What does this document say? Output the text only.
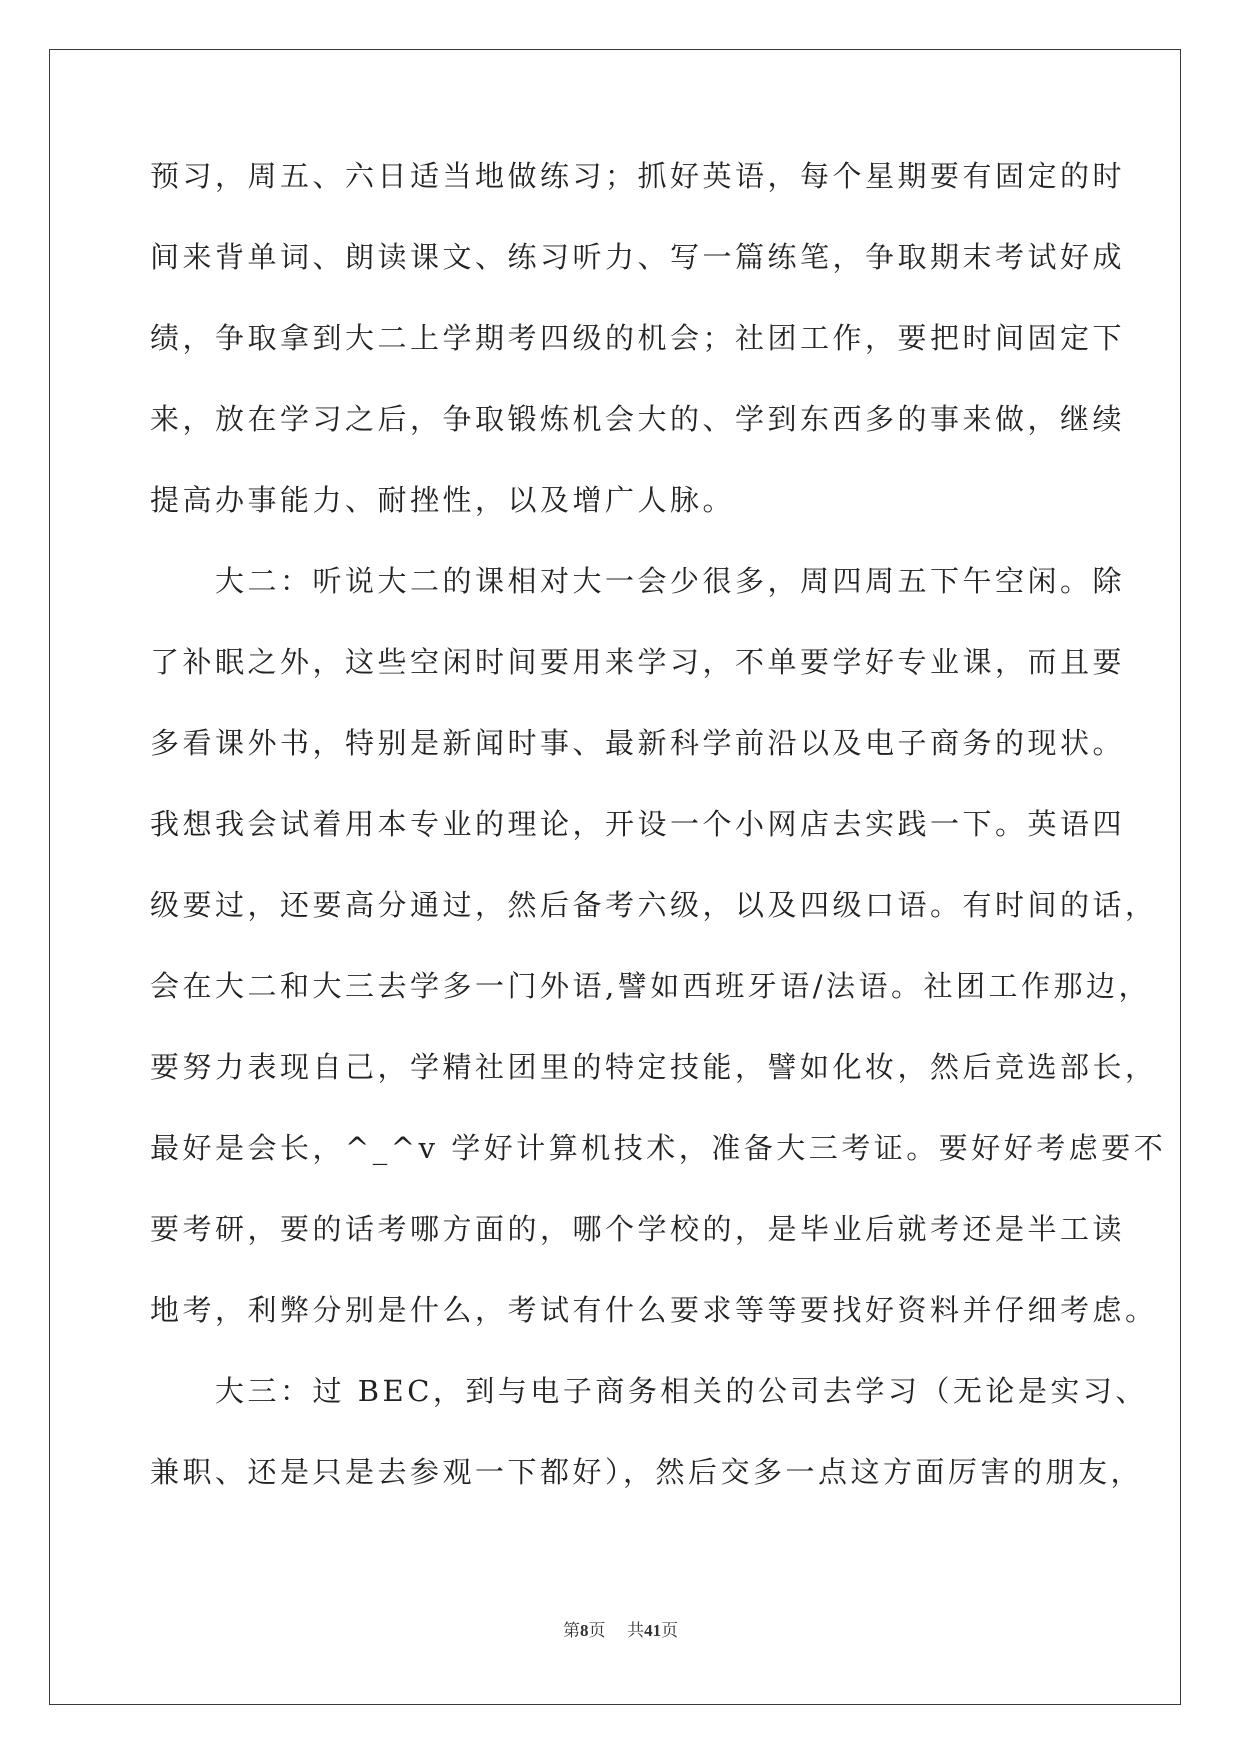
预习，周五、六日适当地做练习；抓好英语，每个星期要有固定的时
间来背单词、朗读课文、练习听力、写一篇练笔，争取期末考试好成
绩，争取拿到大二上学期考四级的机会；社团工作，要把时间固定下
来，放在学习之后，争取锻炼机会大的、学到东西多的事来做，继续
提高办事能力、耐挫性，以及增广人脉。
　　大二：听说大二的课相对大一会少很多，周四周五下午空闲。除
了补眠之外，这些空闲时间要用来学习，不单要学好专业课，而且要
多看课外书，特别是新闻时事、最新科学前沿以及电子商务的现状。
我想我会试着用本专业的理论，开设一个小网店去实践一下。英语四
级要过，还要高分通过，然后备考六级，以及四级口语。有时间的话，
会在大二和大三去学多一门外语,譬如西班牙语/法语。社团工作那边，
要努力表现自己，学精社团里的特定技能，譬如化妆，然后竞选部长，
最好是会长，^_^v 学好计算机技术，准备大三考证。要好好考虑要不
要考研，要的话考哪方面的，哪个学校的，是毕业后就考还是半工读
地考，利弊分别是什么，考试有什么要求等等要找好资料并仔细考虑。
　　大三：过 BEC，到与电子商务相关的公司去学习（无论是实习、
兼职、还是只是去参观一下都好），然后交多一点这方面厉害的朋友，
第8页 共41页
